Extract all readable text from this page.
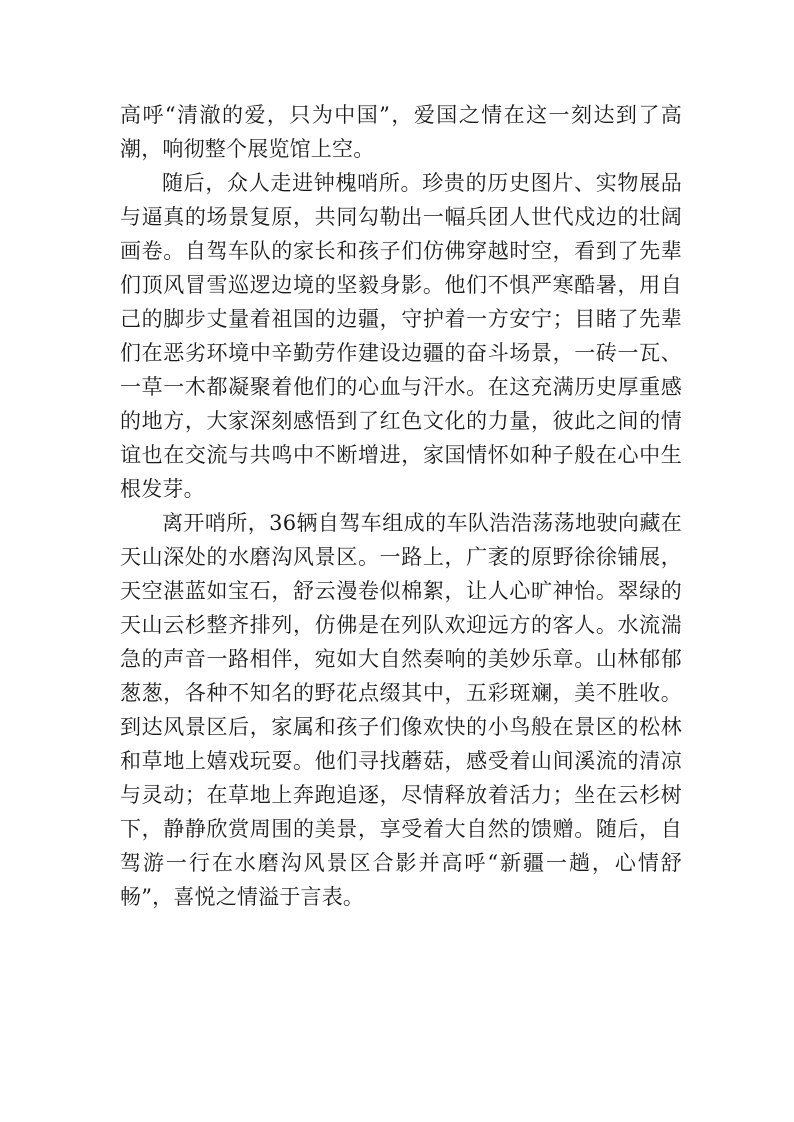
高呼“清澈的爱，只为中国”，爱国之情在这一刻达到了高潮，响彻整个展览馆上空。

随后，众人走进钟槐哨所。珍贵的历史图片、实物展品与逼真的场景复原，共同勾勒出一幅兵团人世代戍边的壮阔画卷。自驾车队的家长和孩子们仿佛穿越时空，看到了先辈们顶风冒雪巡逻边境的坚毅身影。他们不惧严寒酷暑，用自己的脚步丈量着祖国的边疆，守护着一方安宁；目睹了先辈们在恶劣环境中辛勤劳作建设边疆的奋斗场景，一砖一瓦、一草一木都凝聚着他们的心血与汗水。在这充满历史厚重感的地方，大家深刻感悟到了红色文化的力量，彼此之间的情谊也在交流与共鸣中不断增进，家国情怀如种子般在心中生根发芽。

离开哨所，36辆自驾车组成的车队浩浩荡荡地驶向藏在天山深处的水磨沟风景区。一路上，广袤的原野徐徐铺展，天空湛蓝如宝石，舒云漫卷似棉絮，让人心旷神怡。翠绿的天山云杉整齐排列，仿佛是在列队欢迎远方的客人。水流湍急的声音一路相伴，宛如大自然奏响的美妙乐章。山林郁郁葱葱，各种不知名的野花点缀其中，五彩斑斓，美不胜收。到达风景区后，家属和孩子们像欢快的小鸟般在景区的松林和草地上嬉戏玩耍。他们寻找蘑菇，感受着山间溪流的清凉与灵动；在草地上奔跑追逐，尽情释放着活力；坐在云杉树下，静静欣赏周围的美景，享受着大自然的馈赠。随后，自驾游一行在水磨沟风景区合影并高呼“新疆一趟，心情舒畅”，喜悦之情溢于言表。
